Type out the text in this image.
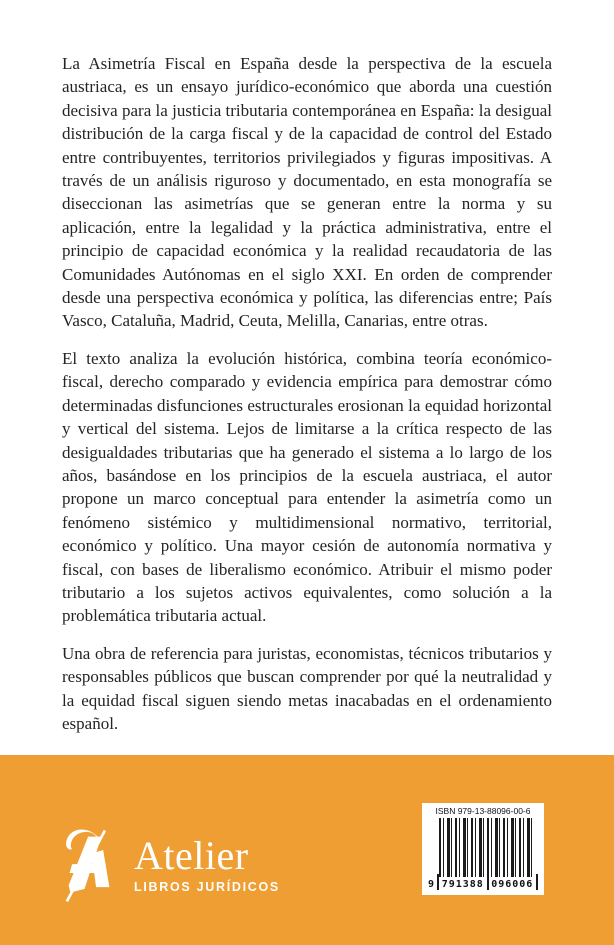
La Asimetría Fiscal en España desde la perspectiva de la escuela austriaca, es un ensayo jurídico-económico que aborda una cuestión decisiva para la justicia tributaria contemporánea en España: la desigual distribución de la carga fiscal y de la capacidad de control del Estado entre contribuyentes, territorios privilegiados y figuras impositivas. A través de un análisis riguroso y documentado, en esta monografía se diseccionan las asimetrías que se generan entre la norma y su aplicación, entre la legalidad y la práctica administrativa, entre el principio de capacidad económica y la realidad recaudatoria de las Comunidades Autónomas en el siglo XXI. En orden de comprender desde una perspectiva económica y política, las diferencias entre; País Vasco, Cataluña, Madrid, Ceuta, Melilla, Canarias, entre otras.

El texto analiza la evolución histórica, combina teoría económico-fiscal, derecho comparado y evidencia empírica para demostrar cómo determinadas disfunciones estructurales erosionan la equidad horizontal y vertical del sistema. Lejos de limitarse a la crítica respecto de las desigualdades tributarias que ha generado el sistema a lo largo de los años, basándose en los principios de la escuela austriaca, el autor propone un marco conceptual para entender la asimetría como un fenómeno sistémico y multidimensional normativo, territorial, económico y político. Una mayor cesión de autonomía normativa y fiscal, con bases de liberalismo económico. Atribuir el mismo poder tributario a los sujetos activos equivalentes, como solución a la problemática tributaria actual.

Una obra de referencia para juristas, economistas, técnicos tributarios y responsables públicos que buscan comprender por qué la neutralidad y la equidad fiscal siguen siendo metas inacabadas en el ordenamiento español.

Atelier
LIBROS JURÍDICOS
ISBN 979-13-88096-00-6
9 791388 096006
